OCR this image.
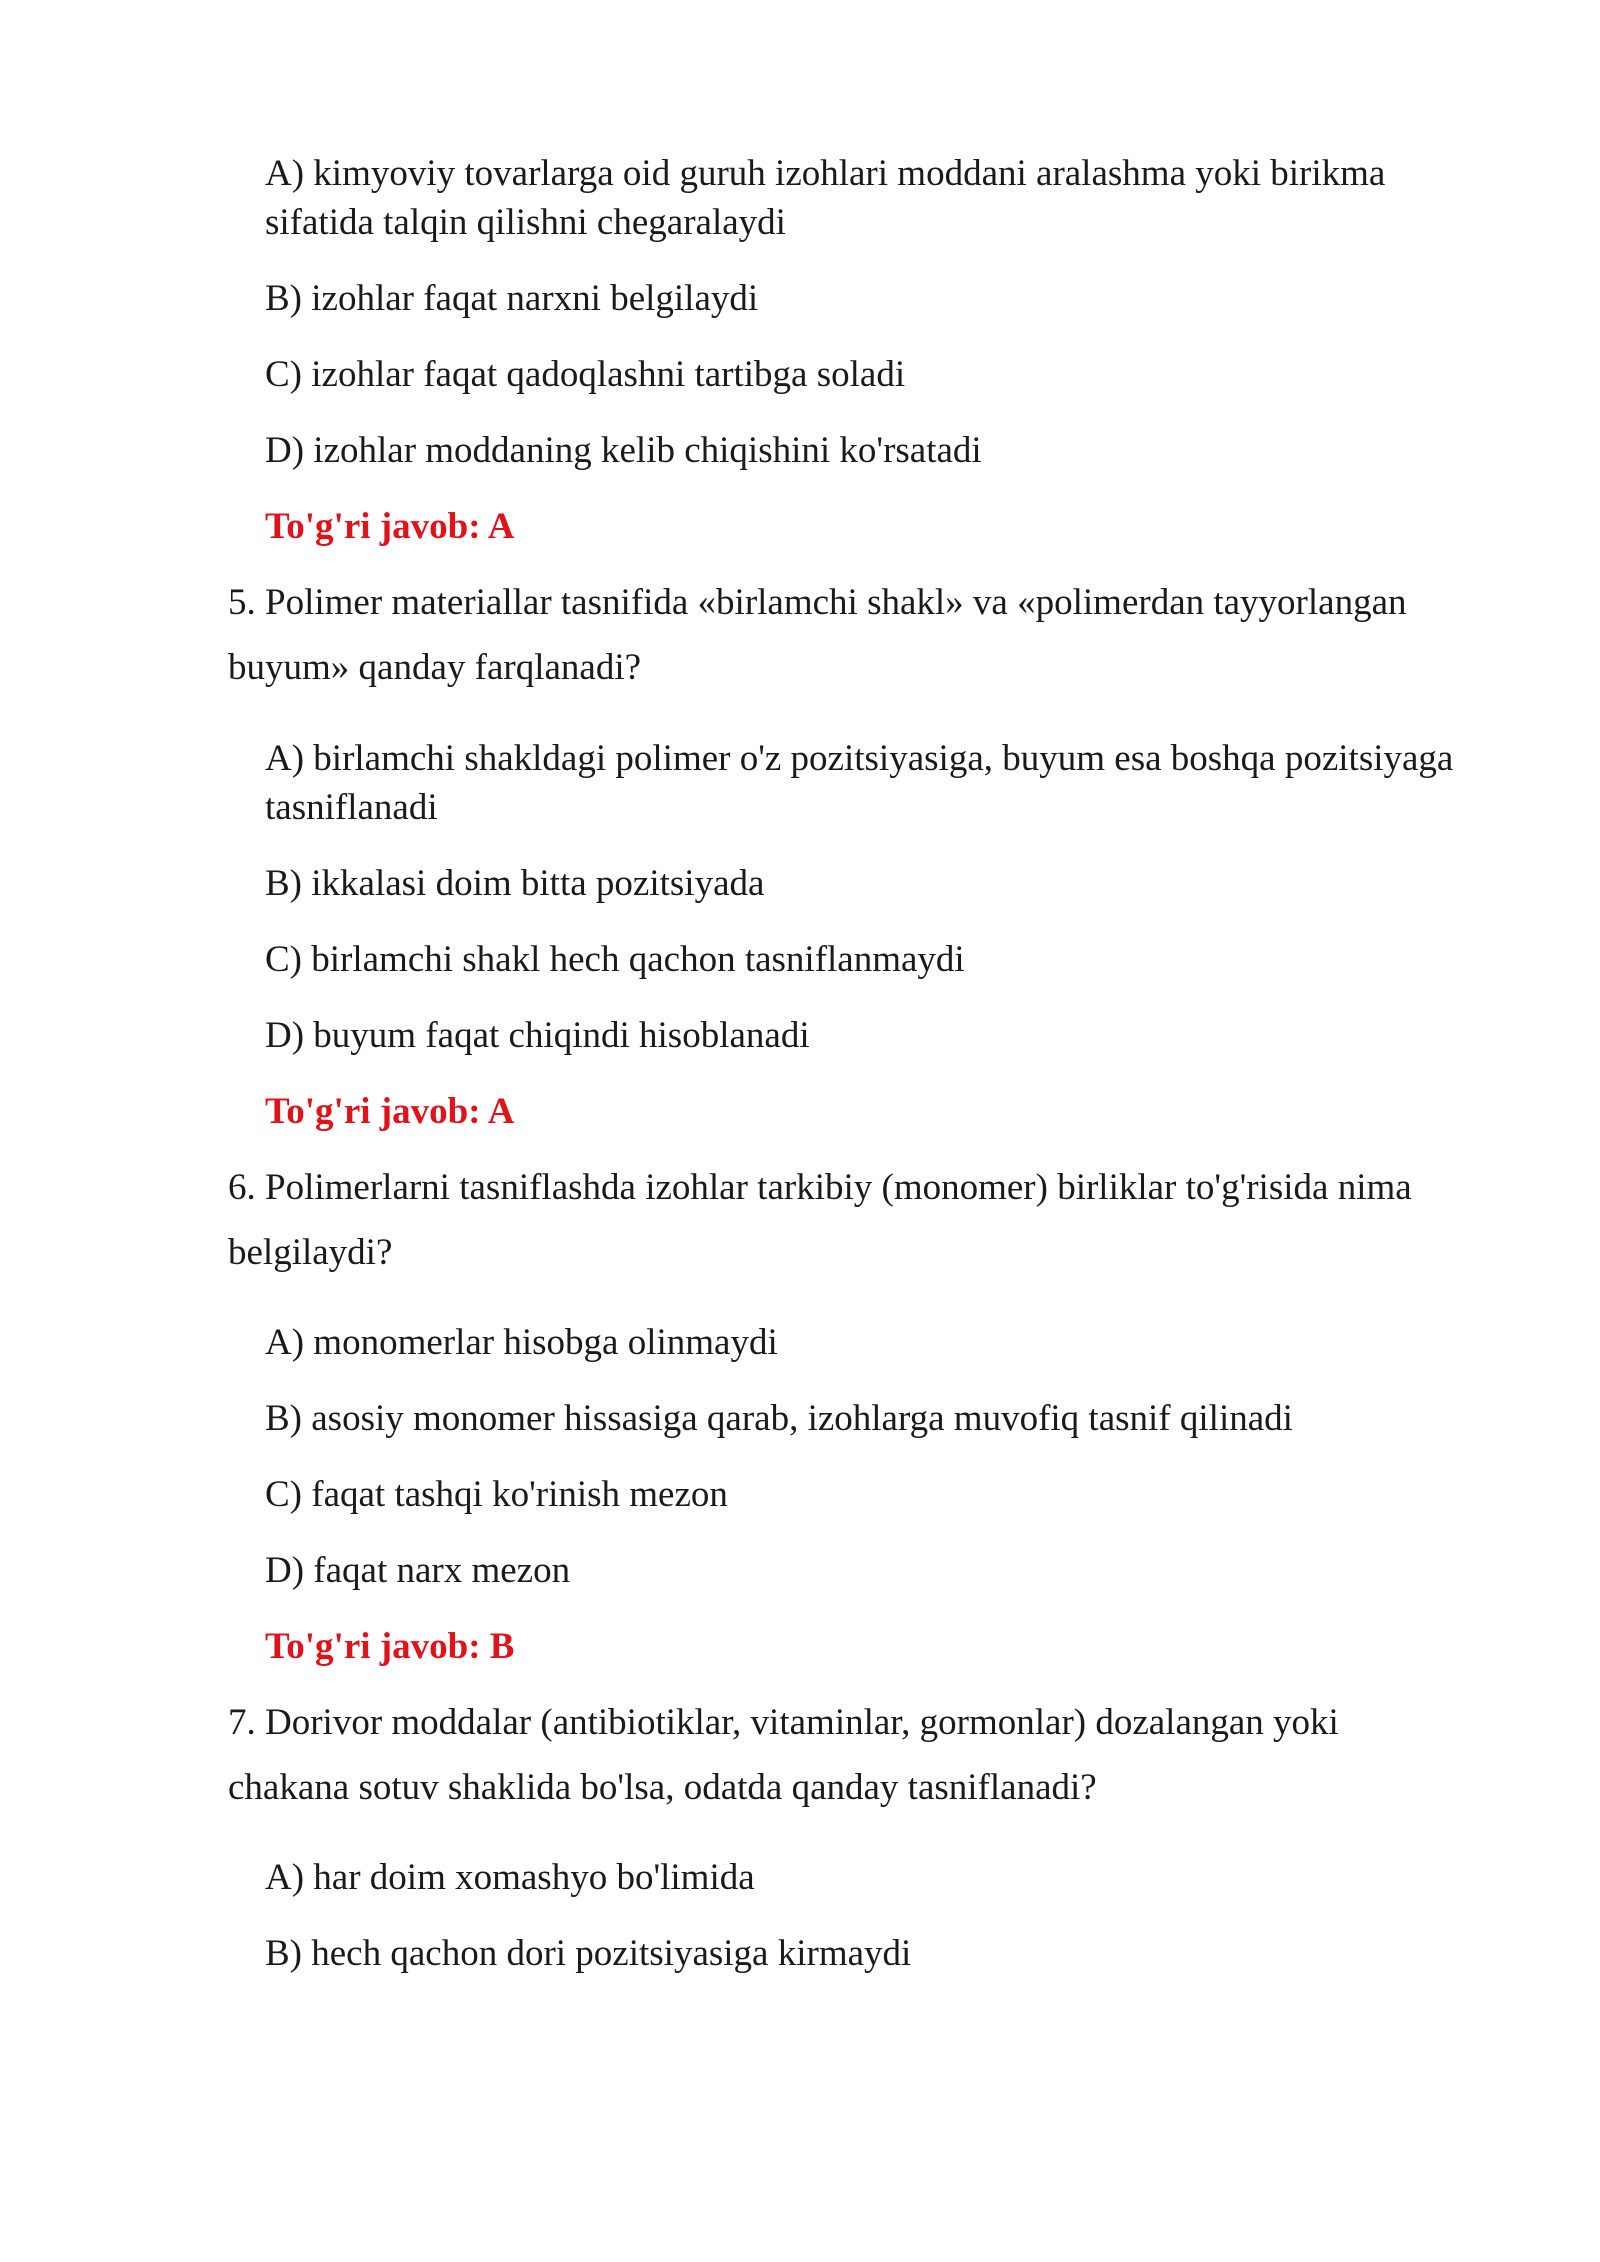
A) kimyoviy tovarlarga oid guruh izohlari moddani aralashma yoki birikma

sifatida talqin qilishni chegaralaydi

B) izohlar faqat narxni belgilaydi

C) izohlar faqat qadoqlashni tartibga soladi

D) izohlar moddaning kelib chiqishini ko'rsatadi

To'g'ri javob: A

5. Polimer materiallar tasnifida «birlamchi shakl» va «polimerdan tayyorlangan

buyum» qanday farqlanadi?

A) birlamchi shakldagi polimer o'z pozitsiyasiga, buyum esa boshqa pozitsiyaga

tasniflanadi

B) ikkalasi doim bitta pozitsiyada

C) birlamchi shakl hech qachon tasniflanmaydi

D) buyum faqat chiqindi hisoblanadi

To'g'ri javob: A

6. Polimerlarni tasniflashda izohlar tarkibiy (monomer) birliklar to'g'risida nima

belgilaydi?

A) monomerlar hisobga olinmaydi

B) asosiy monomer hissasiga qarab, izohlarga muvofiq tasnif qilinadi

C) faqat tashqi ko'rinish mezon

D) faqat narx mezon

To'g'ri javob: B

7. Dorivor moddalar (antibiotiklar, vitaminlar, gormonlar) dozalangan yoki

chakana sotuv shaklida bo'lsa, odatda qanday tasniflanadi?

A) har doim xomashyo bo'limida

B) hech qachon dori pozitsiyasiga kirmaydi
